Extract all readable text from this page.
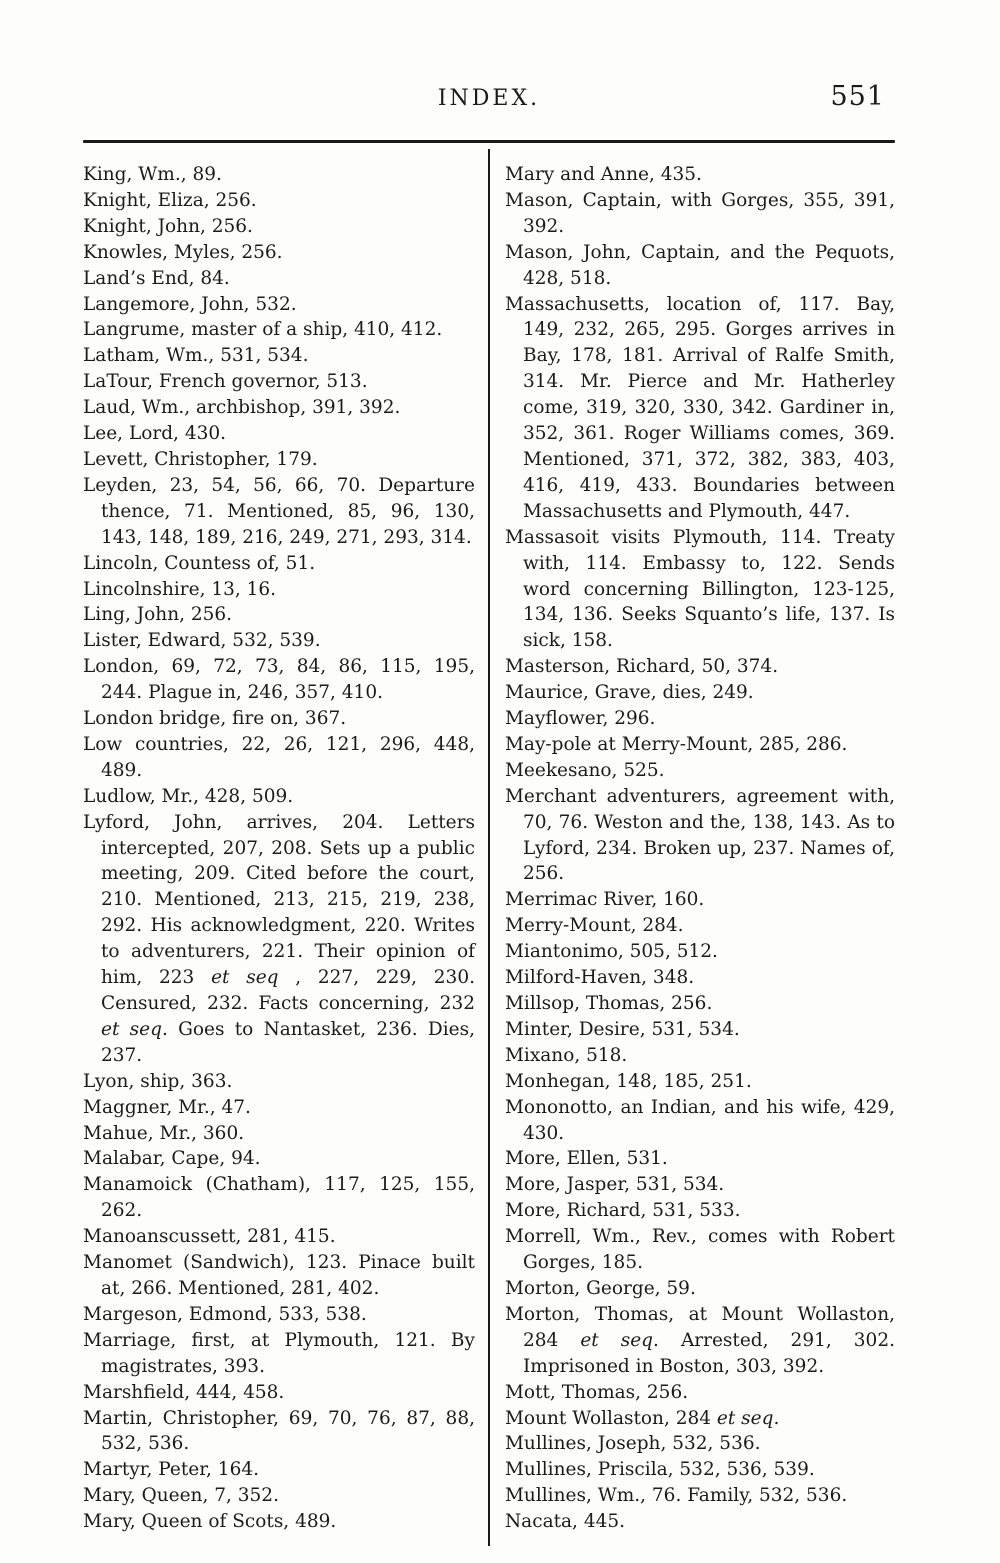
INDEX.	551

King, Wm., 89.

Knight, Eliza, 256.

Knight, John, 256.

Knowles, Myles, 256.

Land’s End, 84.

Langemore, John, 532.

Langrume, master of a ship, 410, 412.

Latham, Wm., 531, 534.

LaTour, French governor, 513.

Laud, Wm., archbishop, 391, 392.

Lee, Lord, 430.

Levett, Christopher, 179.

Leyden, 23, 54, 56, 66, 70. Departure thence, 71. Mentioned, 85, 96, 130, 143, 148, 189, 216, 249, 271, 293, 314.

Lincoln, Countess of, 51.

Lincolnshire, 13, 16.

Ling, John, 256.

Lister, Edward, 532, 539.

London, 69, 72, 73, 84, 86, 115, 195, 244. Plague in, 246, 357, 410.

London bridge, fire on, 367.

Low countries, 22, 26, 121, 296, 448, 489.

Ludlow, Mr., 428, 509.

Lyford, John, arrives, 204. Letters intercepted, 207, 208. Sets up a public meeting, 209. Cited before the court, 210. Mentioned, 213, 215, 219, 238, 292. His acknowledgment, 220. Writes to adventurers, 221. Their opinion of him, 223 et seq , 227, 229, 230. Censured, 232. Facts concerning, 232 et seq. Goes to Nantasket, 236. Dies, 237.

Lyon, ship, 363.

Maggner, Mr., 47.

Mahue, Mr., 360.

Malabar, Cape, 94.

Manamoick (Chatham), 117, 125, 155, 262.

Manoanscussett, 281, 415.

Manomet (Sandwich), 123. Pinace built at, 266. Mentioned, 281, 402.

Margeson, Edmond, 533, 538.

Marriage, first, at Plymouth, 121. By magistrates, 393.

Marshfield, 444, 458.

Martin, Christopher, 69, 70, 76, 87, 88, 532, 536.

Martyr, Peter, 164.

Mary, Queen, 7, 352.

Mary, Queen of Scots, 489.

Mary and Anne, 435.

Mason, Captain, with Gorges, 355, 391, 392.

Mason, John, Captain, and the Pequots, 428, 518.

Massachusetts, location of, 117. Bay, 149, 232, 265, 295. Gorges arrives in Bay, 178, 181. Arrival of Ralfe Smith, 314. Mr. Pierce and Mr. Hatherley come, 319, 320, 330, 342. Gardiner in, 352, 361. Roger Williams comes, 369. Mentioned, 371, 372, 382, 383, 403, 416, 419, 433. Boundaries between Massachusetts and Plymouth, 447.

Massasoit visits Plymouth, 114. Treaty with, 114. Embassy to, 122. Sends word concerning Billington, 123-125, 134, 136. Seeks Squanto’s life, 137. Is sick, 158.

Masterson, Richard, 50, 374.

Maurice, Grave, dies, 249.

Mayflower, 296.

May-pole at Merry-Mount, 285, 286.

Meekesano, 525.

Merchant adventurers, agreement with, 70, 76. Weston and the, 138, 143. As to Lyford, 234. Broken up, 237. Names of, 256.

Merrimac River, 160.

Merry-Mount, 284.

Miantonimo, 505, 512.

Milford-Haven, 348.

Millsop, Thomas, 256.

Minter, Desire, 531, 534.

Mixano, 518.

Monhegan, 148, 185, 251.

Mononotto, an Indian, and his wife, 429, 430.

More, Ellen, 531.

More, Jasper, 531, 534.

More, Richard, 531, 533.

Morrell, Wm., Rev., comes with Robert Gorges, 185.

Morton, George, 59.

Morton, Thomas, at Mount Wollaston, 284 et seq. Arrested, 291, 302. Imprisoned in Boston, 303, 392.

Mott, Thomas, 256.

Mount Wollaston, 284 et seq.

Mullines, Joseph, 532, 536.

Mullines, Priscila, 532, 536, 539.

Mullines, Wm., 76. Family, 532, 536.

Nacata, 445.
